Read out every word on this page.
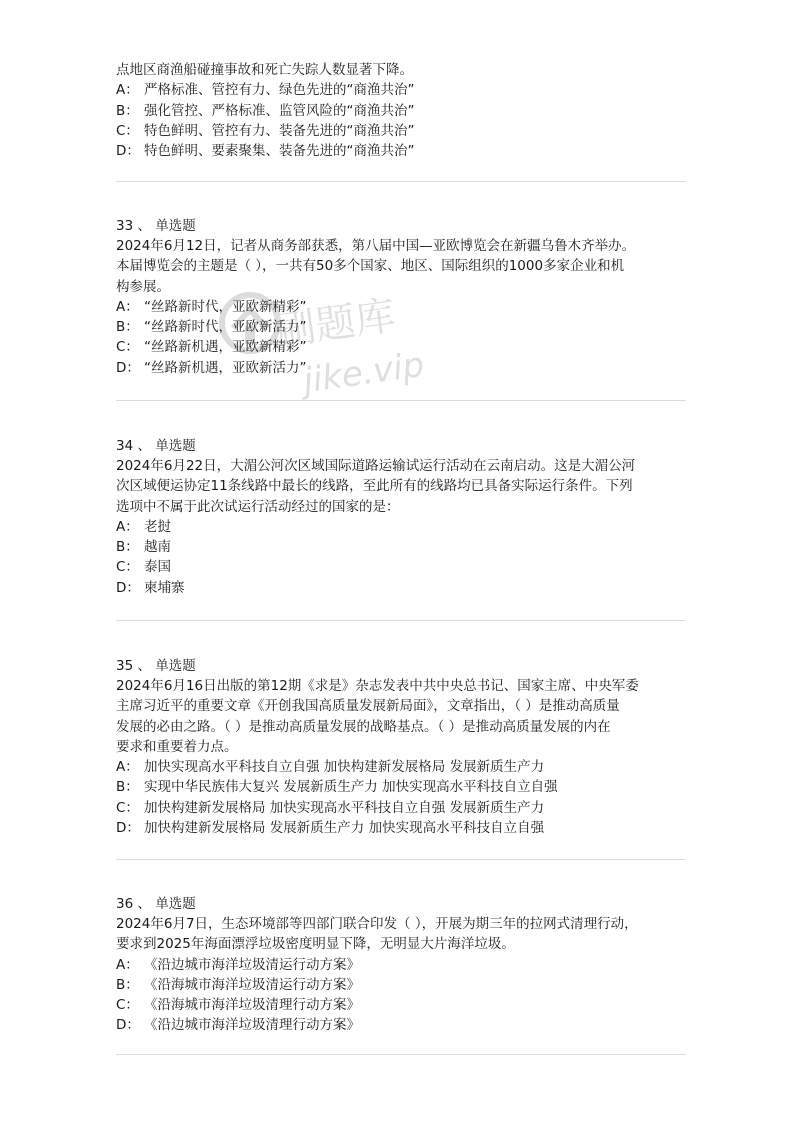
点地区商渔船碰撞事故和死亡失踪人数显著下降。
A： 严格标准、管控有力、绿色先进的“商渔共治”
B： 强化管控、严格标准、监管风险的“商渔共治”
C： 特色鲜明、管控有力、装备先进的“商渔共治”
D： 特色鲜明、要素聚集、装备先进的“商渔共治”
33 、 单选题
2024年6月12日，记者从商务部获悉，第八届中国—亚欧博览会在新疆乌鲁木齐举办。
本届博览会的主题是（ ），一共有50多个国家、地区、国际组织的1000多家企业和机
构参展。
A： “丝路新时代，亚欧新精彩”
B： “丝路新时代，亚欧新活力”
C： “丝路新机遇，亚欧新精彩”
D： “丝路新机遇，亚欧新活力”
34 、 单选题
2024年6月22日，大湄公河次区域国际道路运输试运行活动在云南启动。这是大湄公河
次区域便运协定11条线路中最长的线路，至此所有的线路均已具备实际运行条件。下列
选项中不属于此次试运行活动经过的国家的是：
A： 老挝
B： 越南
C： 泰国
D： 柬埔寨
35 、 单选题
2024年6月16日出版的第12期《求是》杂志发表中共中央总书记、国家主席、中央军委
主席习近平的重要文章《开创我国高质量发展新局面》，文章指出，（ ）是推动高质量
发展的必由之路。（ ）是推动高质量发展的战略基点。（ ）是推动高质量发展的内在
要求和重要着力点。
A： 加快实现高水平科技自立自强 加快构建新发展格局 发展新质生产力
B： 实现中华民族伟大复兴 发展新质生产力 加快实现高水平科技自立自强
C： 加快构建新发展格局 加快实现高水平科技自立自强 发展新质生产力
D： 加快构建新发展格局 发展新质生产力 加快实现高水平科技自立自强
36 、 单选题
2024年6月7日，生态环境部等四部门联合印发（ ），开展为期三年的拉网式清理行动，
要求到2025年海面漂浮垃圾密度明显下降，无明显大片海洋垃圾。
A： 《沿边城市海洋垃圾清运行动方案》
B： 《沿海城市海洋垃圾清运行动方案》
C： 《沿海城市海洋垃圾清理行动方案》
D： 《沿边城市海洋垃圾清理行动方案》
刷题库
jike.vip
